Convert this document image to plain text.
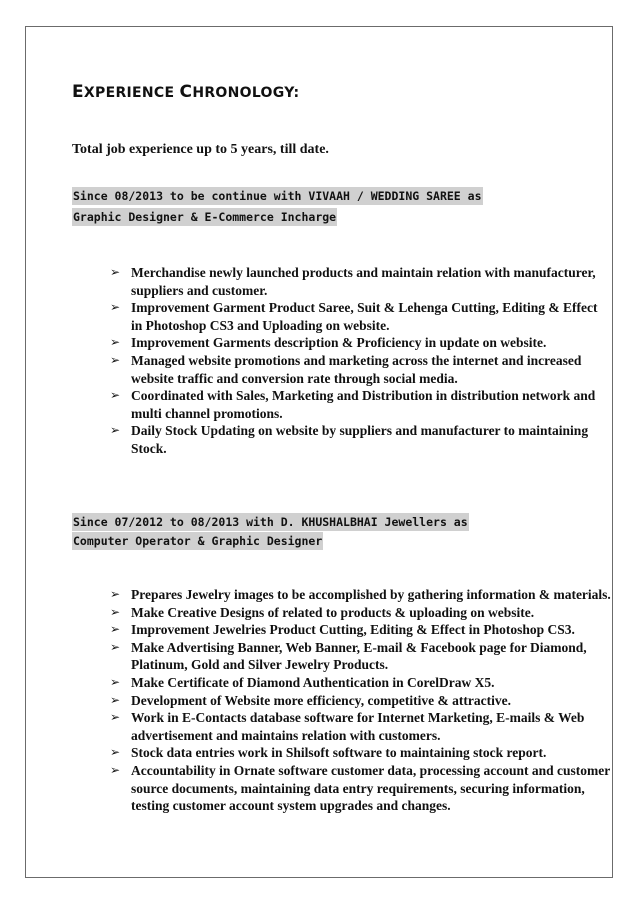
EXPERIENCE CHRONOLOGY:
Total job experience up to 5 years, till date.
Since 08/2013 to be continue with VIVAAH / WEDDING SAREE as
Graphic Designer & E-Commerce Incharge
➢ Merchandise newly launched products and maintain relation with manufacturer,
suppliers and customer.
➢ Improvement Garment Product Saree, Suit & Lehenga Cutting, Editing & Effect
in Photoshop CS3 and Uploading on website.
➢ Improvement Garments description & Proficiency in update on website.
➢ Managed website promotions and marketing across the internet and increased
website traffic and conversion rate through social media.
➢ Coordinated with Sales, Marketing and Distribution in distribution network and
multi channel promotions.
➢ Daily Stock Updating on website by suppliers and manufacturer to maintaining
Stock.
Since 07/2012 to 08/2013 with D. KHUSHALBHAI Jewellers as
Computer Operator & Graphic Designer
➢ Prepares Jewelry images to be accomplished by gathering information & materials.
➢ Make Creative Designs of related to products & uploading on website.
➢ Improvement Jewelries Product Cutting, Editing & Effect in Photoshop CS3.
➢ Make Advertising Banner, Web Banner, E-mail & Facebook page for Diamond,
Platinum, Gold and Silver Jewelry Products.
➢ Make Certificate of Diamond Authentication in CorelDraw X5.
➢ Development of Website more efficiency, competitive & attractive.
➢ Work in E-Contacts database software for Internet Marketing, E-mails & Web
advertisement and maintains relation with customers.
➢ Stock data entries work in Shilsoft software to maintaining stock report.
➢ Accountability in Ornate software customer data, processing account and customer
source documents, maintaining data entry requirements, securing information,
testing customer account system upgrades and changes.
